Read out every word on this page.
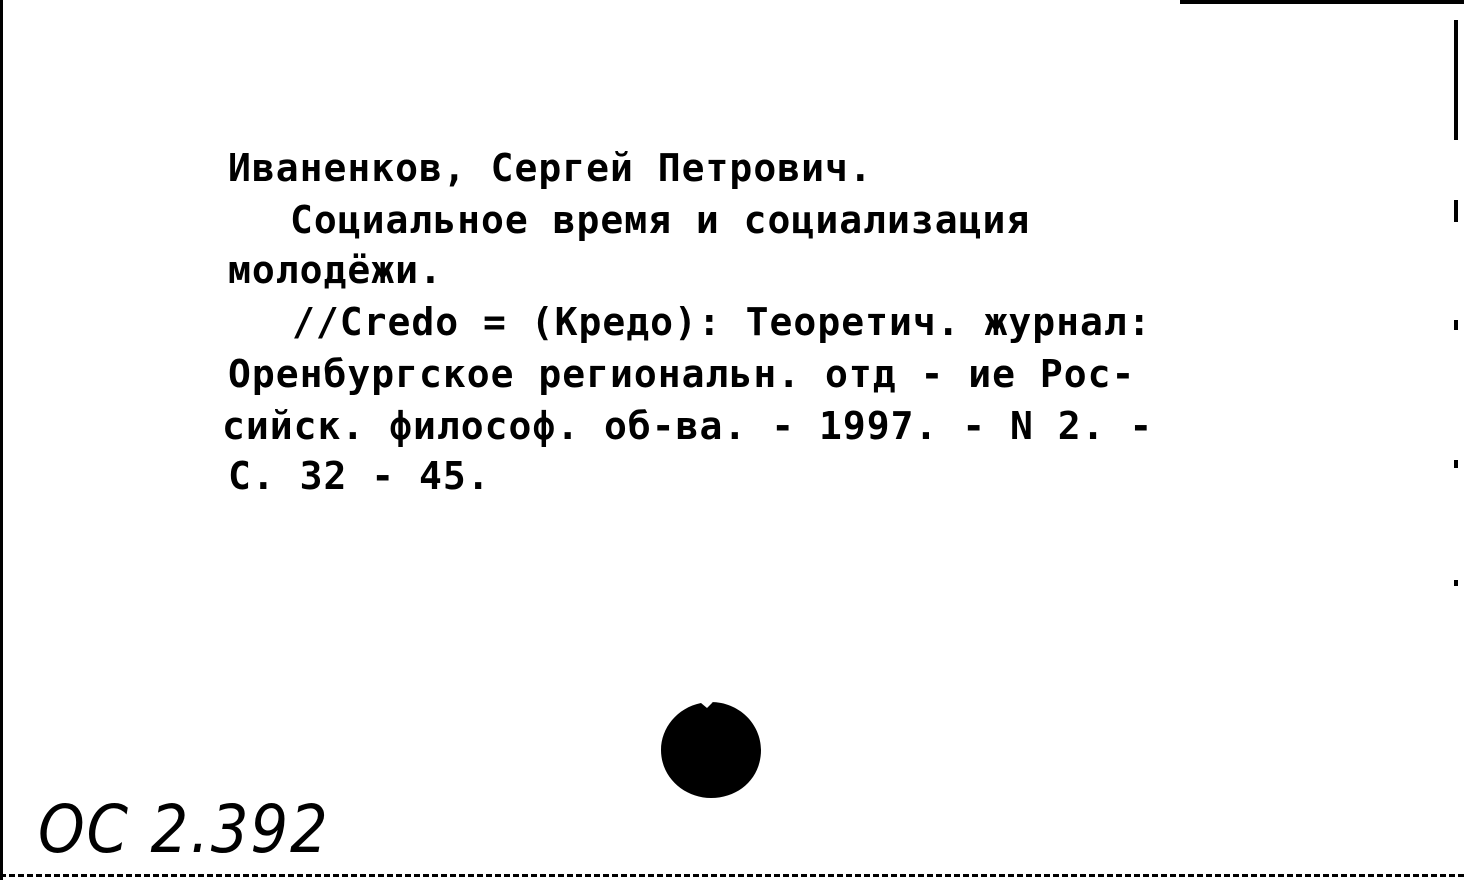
Иваненков, Сергей Петрович.

Социальное время и социализация

молодёжи.

//Credo = (Кредо): Теоретич. журнал:

Оренбургское региональн. отд - ие Рос-

сийск. философ. об-ва. - 1997. - N 2. -

С. 32 - 45.

ОС 2.392
